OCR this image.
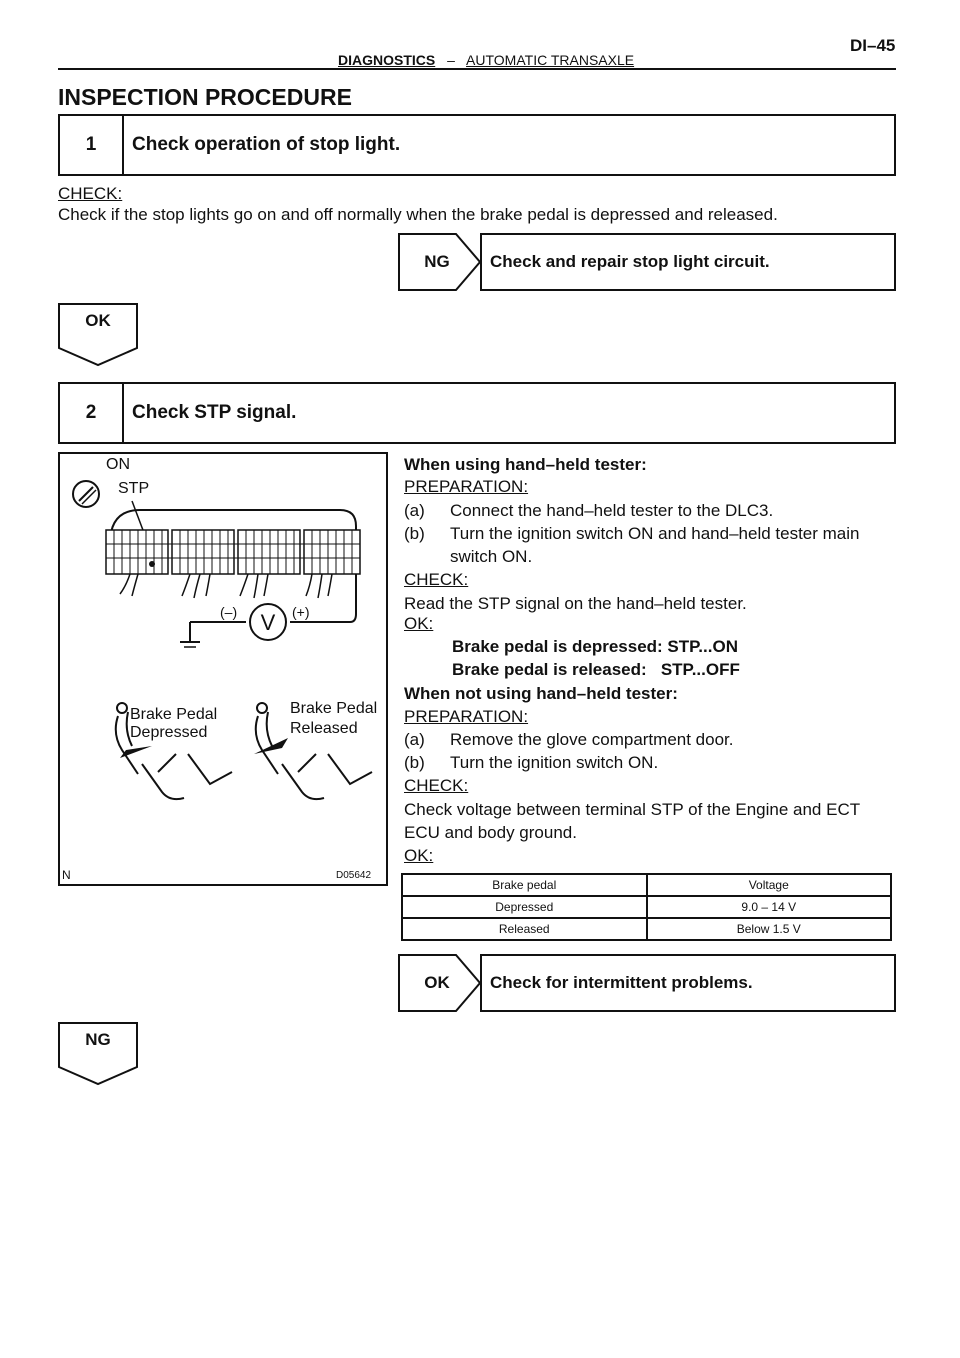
DI–45
DIAGNOSTICS – AUTOMATIC TRANSAXLE
INSPECTION PROCEDURE
1	Check operation of stop light.
CHECK:
Check if the stop lights go on and off normally when the brake pedal is depressed and released.
NG	Check and repair stop light circuit.
OK
2	Check STP signal.
V
ON
STP
(–)	(+)
Brake Pedal
Depressed
Brake Pedal
Released
N	D05642
When using hand–held tester:
PREPARATION:
(a) Connect the hand–held tester to the DLC3.
(b) Turn the ignition switch ON and hand–held tester main
switch ON.
CHECK:
Read the STP signal on the hand–held tester.
OK:
Brake pedal is depressed: STP...ON
Brake pedal is released:   STP...OFF
When not using hand–held tester:
PREPARATION:
(a) Remove the glove compartment door.
(b) Turn the ignition switch ON.
CHECK:
Check voltage between terminal STP of the Engine and ECT
ECU and body ground.
OK:
Brake pedal	Voltage
Depressed	9.0 – 14 V
Released	Below 1.5 V
OK	Check for intermittent problems.
NG
